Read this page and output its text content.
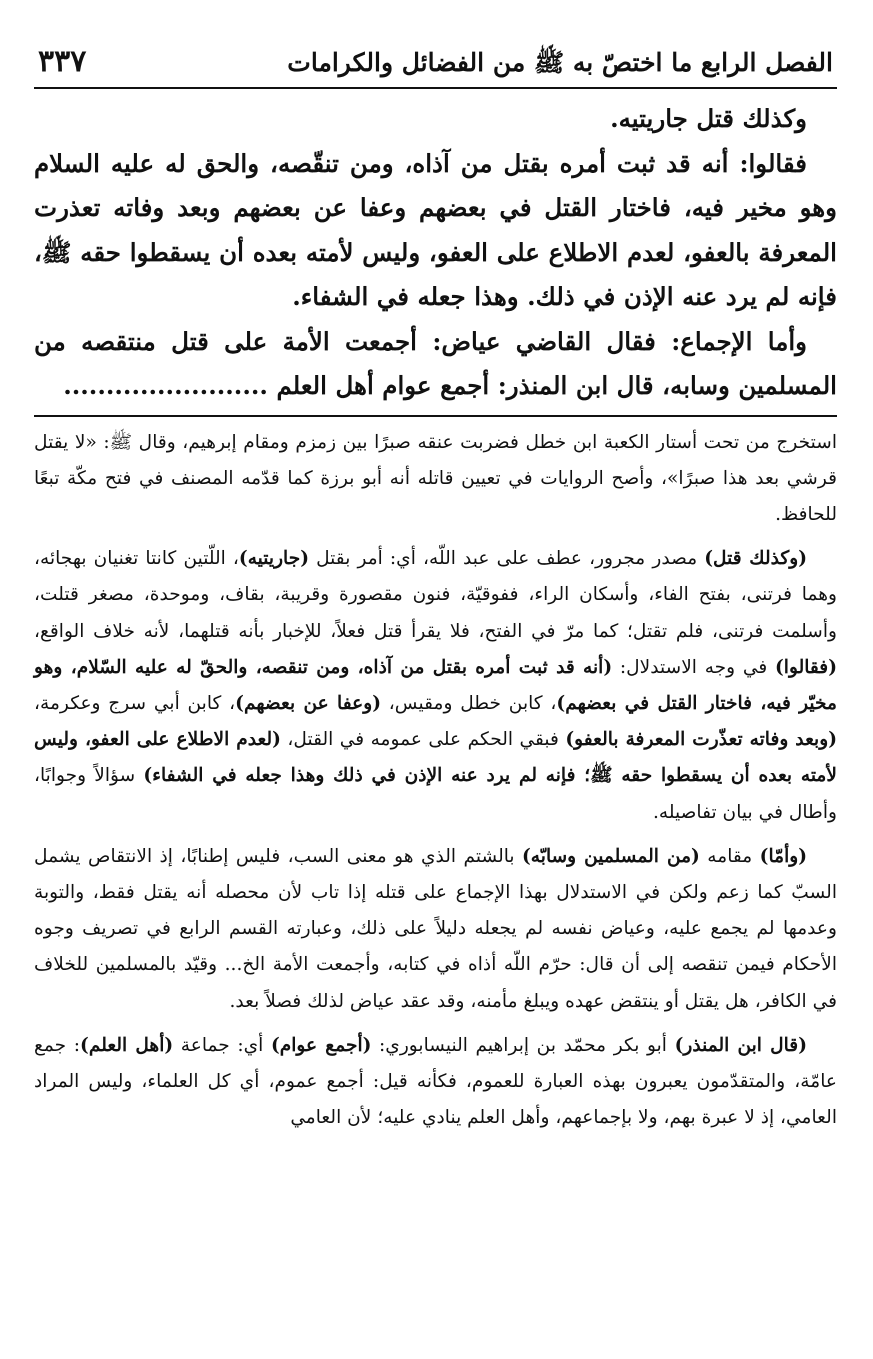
الفصل الرابع ما اختصّ به ﷺ من الفضائل والكرامات
٣٣٧

وكذلك قتل جاريتيه.

فقالوا: أنه قد ثبت أمره بقتل من آذاه، ومن تنقّصه، والحق له عليه السلام وهو مخير فيه، فاختار القتل في بعضهم وعفا عن بعضهم وبعد وفاته تعذرت المعرفة بالعفو، لعدم الاطلاع على العفو، وليس لأمته بعده أن يسقطوا حقه ﷺ، فإنه لم يرد عنه الإذن في ذلك. وهذا جعله في الشفاء.

وأما الإجماع: فقال القاضي عياض: أجمعت الأمة على قتل منتقصه من المسلمين وسابه، قال ابن المنذر: أجمع عوام أهل العلم ........................

استخرج من تحت أستار الكعبة ابن خطل فضربت عنقه صبرًا بين زمزم ومقام إبرهيم، وقال ﷺ: «لا يقتل قرشي بعد هذا صبرًا»، وأصح الروايات في تعيين قاتله أنه أبو برزة كما قدّمه المصنف في فتح مكّة تبعًا للحافظ.

(وكذلك قتل) مصدر مجرور، عطف على عبد اللّه، أي: أمر بقتل (جاريتيه)، اللّتين كانتا تغنيان بهجائه، وهما فرتنى، بفتح الفاء، وأسكان الراء، ففوقيّة، فنون مقصورة وقريبة، بقاف، وموحدة، مصغر قتلت، وأسلمت فرتنى، فلم تقتل؛ كما مرّ في الفتح، فلا يقرأ قتل فعلاً، للإخبار بأنه قتلهما، لأنه خلاف الواقع، (فقالوا) في وجه الاستدلال: (أنه قد ثبت أمره بقتل من آذاه، ومن تنقصه، والحقّ له عليه السّلام، وهو مخيّر فيه، فاختار القتل في بعضهم)، كابن خطل ومقيس، (وعفا عن بعضهم)، كابن أبي سرج وعكرمة، (وبعد وفاته تعذّرت المعرفة بالعفو) فبقي الحكم على عمومه في القتل، (لعدم الاطلاع على العفو، وليس لأمته بعده أن يسقطوا حقه ﷺ؛ فإنه لم يرد عنه الإذن في ذلك وهذا جعله في الشفاء) سؤالاً وجوابًا، وأطال في بيان تفاصيله.

(وأمّا) مقامه (من المسلمين وسابّه) بالشتم الذي هو معنى السب، فليس إطنابًا، إذ الانتقاص يشمل السبّ كما زعم ولكن في الاستدلال بهذا الإجماع على قتله إذا تاب لأن محصله أنه يقتل فقط، والتوبة وعدمها لم يجمع عليه، وعياض نفسه لم يجعله دليلاً على ذلك، وعبارته القسم الرابع في تصريف وجوه الأحكام فيمن تنقصه إلى أن قال: حرّم اللّه أذاه في كتابه، وأجمعت الأمة الخ... وقيّد بالمسلمين للخلاف في الكافر، هل يقتل أو ينتقض عهده ويبلغ مأمنه، وقد عقد عياض لذلك فصلاً بعد.

(قال ابن المنذر) أبو بكر محمّد بن إبراهيم النيسابوري: (أجمع عوام) أي: جماعة (أهل العلم): جمع عامّة، والمتقدّمون يعبرون بهذه العبارة للعموم، فكأنه قيل: أجمع عموم، أي كل العلماء، وليس المراد العامي، إذ لا عبرة بهم، ولا بإجماعهم، وأهل العلم ينادي عليه؛ لأن العامي
